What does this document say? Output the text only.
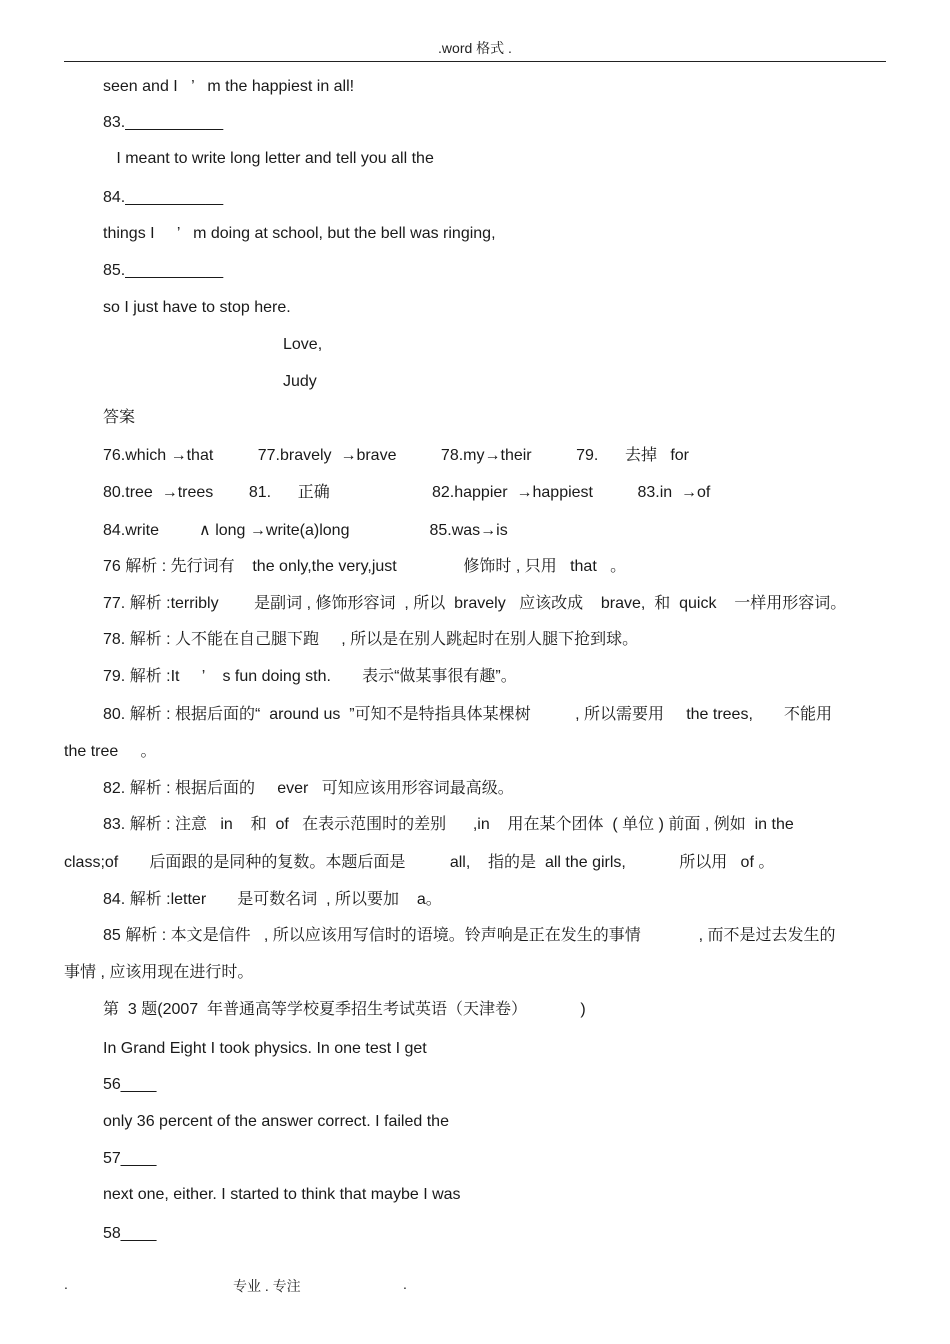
.word 格式 .
seen and I   ’   m the happiest in all!
83.___________
I meant to write long letter and tell you all the
84.___________
things I     ’   m doing at school, but the bell was ringing,
85.___________
so I just have to stop here.
Love,
Judy
答案
76.which →that          77.bravely  →brave          78.my→their          79.      去掉   for
80.tree  →trees        81.      正确                       82.happier  →happiest          83.in  →of
84.write         ∧ long →write(a)long                  85.was→is
76 解析 : 先行词有    the only,the very,just               修饰时 , 只用   that   。
77. 解析 :terribly        是副词 , 修饰形容词  , 所以  bravely   应该改成    brave,  和  quick    一样用形容词。
78. 解析 : 人不能在自己腿下跑     , 所以是在别人跳起时在别人腿下抢到球。
79. 解析 :It     ’    s fun doing sth.       表示“做某事很有趣”。
80. 解析 : 根据后面的“  around us  ”可知不是特指具体某棵树          , 所以需要用     the trees,       不能用
the tree     。
82. 解析 : 根据后面的     ever   可知应该用形容词最高级。
83. 解析 : 注意   in    和  of   在表示范围时的差别      ,in    用在某个团体  ( 单位 ) 前面 , 例如  in the
class;of       后面跟的是同种的复数。本题后面是          all,    指的是  all the girls,            所以用   of 。
84. 解析 :letter       是可数名词  , 所以要加    a。
85 解析 : 本文是信件   , 所以应该用写信时的语境。铃声响是正在发生的事情             , 而不是过去发生的
事情 , 应该用现在进行时。
第  3 题(2007  年普通高等学校夏季招生考试英语（天津卷）            )
In Grand Eight I took physics. In one test I get
56____
only 36 percent of the answer correct. I failed the
57____
next one, either. I started to think that maybe I was
58____
.	专业 . 专注	.
